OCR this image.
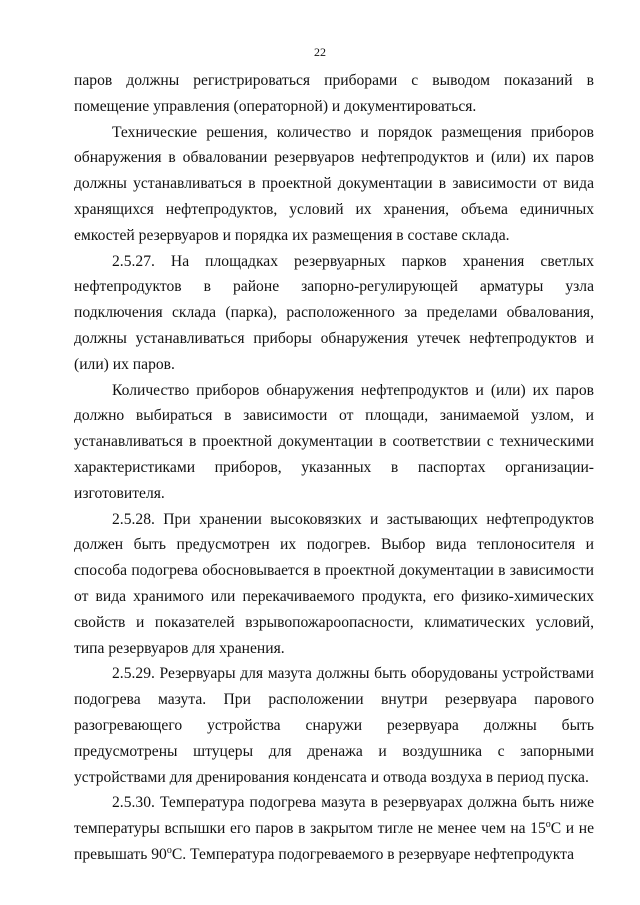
22

паров должны регистрироваться приборами с выводом показаний в помещение управления (операторной) и документироваться.

Технические решения, количество и порядок размещения приборов обнаружения в обваловании резервуаров нефтепродуктов и (или) их паров должны устанавливаться в проектной документации в зависимости от вида хранящихся нефтепродуктов, условий их хранения, объема единичных емкостей резервуаров и порядка их размещения в составе склада.

2.5.27. На площадках резервуарных парков хранения светлых нефтепродуктов в районе запорно-регулирующей арматуры узла подключения склада (парка), расположенного за пределами обвалования, должны устанавливаться приборы обнаружения утечек нефтепродуктов и (или) их паров.

Количество приборов обнаружения нефтепродуктов и (или) их паров должно выбираться в зависимости от площади, занимаемой узлом, и устанавливаться в проектной документации в соответствии с техническими характеристиками приборов, указанных в паспортах организации-изготовителя.

2.5.28. При хранении высоковязких и застывающих нефтепродуктов должен быть предусмотрен их подогрев. Выбор вида теплоносителя и способа подогрева обосновывается в проектной документации в зависимости от вида хранимого или перекачиваемого продукта, его физико-химических свойств и показателей взрывопожароопасности, климатических условий, типа резервуаров для хранения.

2.5.29. Резервуары для мазута должны быть оборудованы устройствами подогрева мазута. При расположении внутри резервуара парового разогревающего устройства снаружи резервуара должны быть предусмотрены штуцеры для дренажа и воздушника с запорными устройствами для дренирования конденсата и отвода воздуха в период пуска.

2.5.30. Температура подогрева мазута в резервуарах должна быть ниже температуры вспышки его паров в закрытом тигле не менее чем на 15$^o$С и не превышать 90$^o$С. Температура подогреваемого в резервуаре нефтепродукта
